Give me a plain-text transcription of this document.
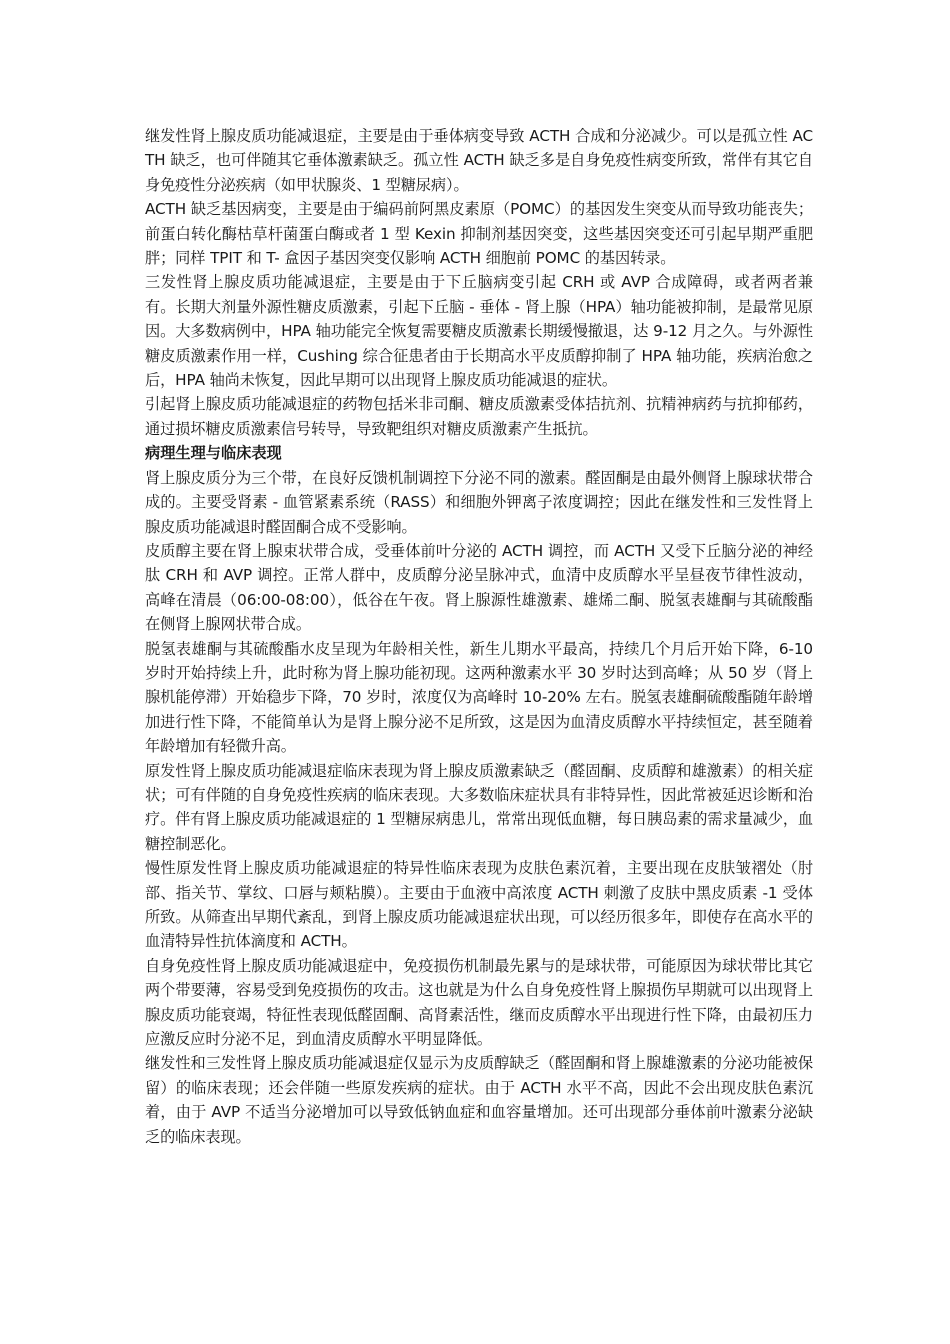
继发性肾上腺皮质功能减退症，主要是由于垂体病变导致 ACTH 合成和分泌减少。可以是孤立性 ACTH 缺乏，也可伴随其它垂体激素缺乏。孤立性 ACTH 缺乏多是自身免疫性病变所致，常伴有其它自身免疫性分泌疾病（如甲状腺炎、1 型糖尿病）。

ACTH 缺乏基因病变，主要是由于编码前阿黑皮素原（POMC）的基因发生突变从而导致功能丧失；前蛋白转化酶枯草杆菌蛋白酶或者 1 型 Kexin 抑制剂基因突变，这些基因突变还可引起早期严重肥胖；同样 TPIT 和 T- 盒因子基因突变仅影响 ACTH 细胞前 POMC 的基因转录。

三发性肾上腺皮质功能减退症，主要是由于下丘脑病变引起 CRH 或 AVP 合成障碍，或者两者兼有。长期大剂量外源性糖皮质激素，引起下丘脑 - 垂体 - 肾上腺（HPA）轴功能被抑制，是最常见原因。大多数病例中，HPA 轴功能完全恢复需要糖皮质激素长期缓慢撤退，达 9-12 月之久。与外源性糖皮质激素作用一样，Cushing 综合征患者由于长期高水平皮质醇抑制了 HPA 轴功能，疾病治愈之后，HPA 轴尚未恢复，因此早期可以出现肾上腺皮质功能减退的症状。

引起肾上腺皮质功能减退症的药物包括米非司酮、糖皮质激素受体拮抗剂、抗精神病药与抗抑郁药，通过损坏糖皮质激素信号转导，导致靶组织对糖皮质激素产生抵抗。

病理生理与临床表现

肾上腺皮质分为三个带，在良好反馈机制调控下分泌不同的激素。醛固酮是由最外侧肾上腺球状带合成的。主要受肾素 - 血管紧素系统（RASS）和细胞外钾离子浓度调控；因此在继发性和三发性肾上腺皮质功能减退时醛固酮合成不受影响。

皮质醇主要在肾上腺束状带合成，受垂体前叶分泌的 ACTH 调控，而 ACTH 又受下丘脑分泌的神经肽 CRH 和 AVP 调控。正常人群中，皮质醇分泌呈脉冲式，血清中皮质醇水平呈昼夜节律性波动，高峰在清晨（06:00-08:00），低谷在午夜。肾上腺源性雄激素、雄烯二酮、脱氢表雄酮与其硫酸酯在侧肾上腺网状带合成。

脱氢表雄酮与其硫酸酯水皮呈现为年龄相关性，新生儿期水平最高，持续几个月后开始下降，6-10 岁时开始持续上升，此时称为肾上腺功能初现。这两种激素水平 30 岁时达到高峰；从 50 岁（肾上腺机能停滞）开始稳步下降，70 岁时，浓度仅为高峰时 10-20% 左右。脱氢表雄酮硫酸酯随年龄增加进行性下降，不能简单认为是肾上腺分泌不足所致，这是因为血清皮质醇水平持续恒定，甚至随着年龄增加有轻微升高。

原发性肾上腺皮质功能减退症临床表现为肾上腺皮质激素缺乏（醛固酮、皮质醇和雄激素）的相关症状；可有伴随的自身免疫性疾病的临床表现。大多数临床症状具有非特异性，因此常被延迟诊断和治疗。伴有肾上腺皮质功能减退症的 1 型糖尿病患儿，常常出现低血糖，每日胰岛素的需求量减少，血糖控制恶化。

慢性原发性肾上腺皮质功能减退症的特异性临床表现为皮肤色素沉着，主要出现在皮肤皱褶处（肘部、指关节、掌纹、口唇与颊粘膜）。主要由于血液中高浓度 ACTH 刺激了皮肤中黑皮质素 -1 受体所致。从筛查出早期代紊乱，到肾上腺皮质功能减退症状出现，可以经历很多年，即使存在高水平的血清特异性抗体滴度和 ACTH。

自身免疫性肾上腺皮质功能减退症中，免疫损伤机制最先累与的是球状带，可能原因为球状带比其它两个带要薄，容易受到免疫损伤的攻击。这也就是为什么自身免疫性肾上腺损伤早期就可以出现肾上腺皮质功能衰竭，特征性表现低醛固酮、高肾素活性，继而皮质醇水平出现进行性下降，由最初压力应激反应时分泌不足，到血清皮质醇水平明显降低。

继发性和三发性肾上腺皮质功能减退症仅显示为皮质醇缺乏（醛固酮和肾上腺雄激素的分泌功能被保留）的临床表现；还会伴随一些原发疾病的症状。由于 ACTH 水平不高，因此不会出现皮肤色素沉着，由于 AVP 不适当分泌增加可以导致低钠血症和血容量增加。还可出现部分垂体前叶激素分泌缺乏的临床表现。
